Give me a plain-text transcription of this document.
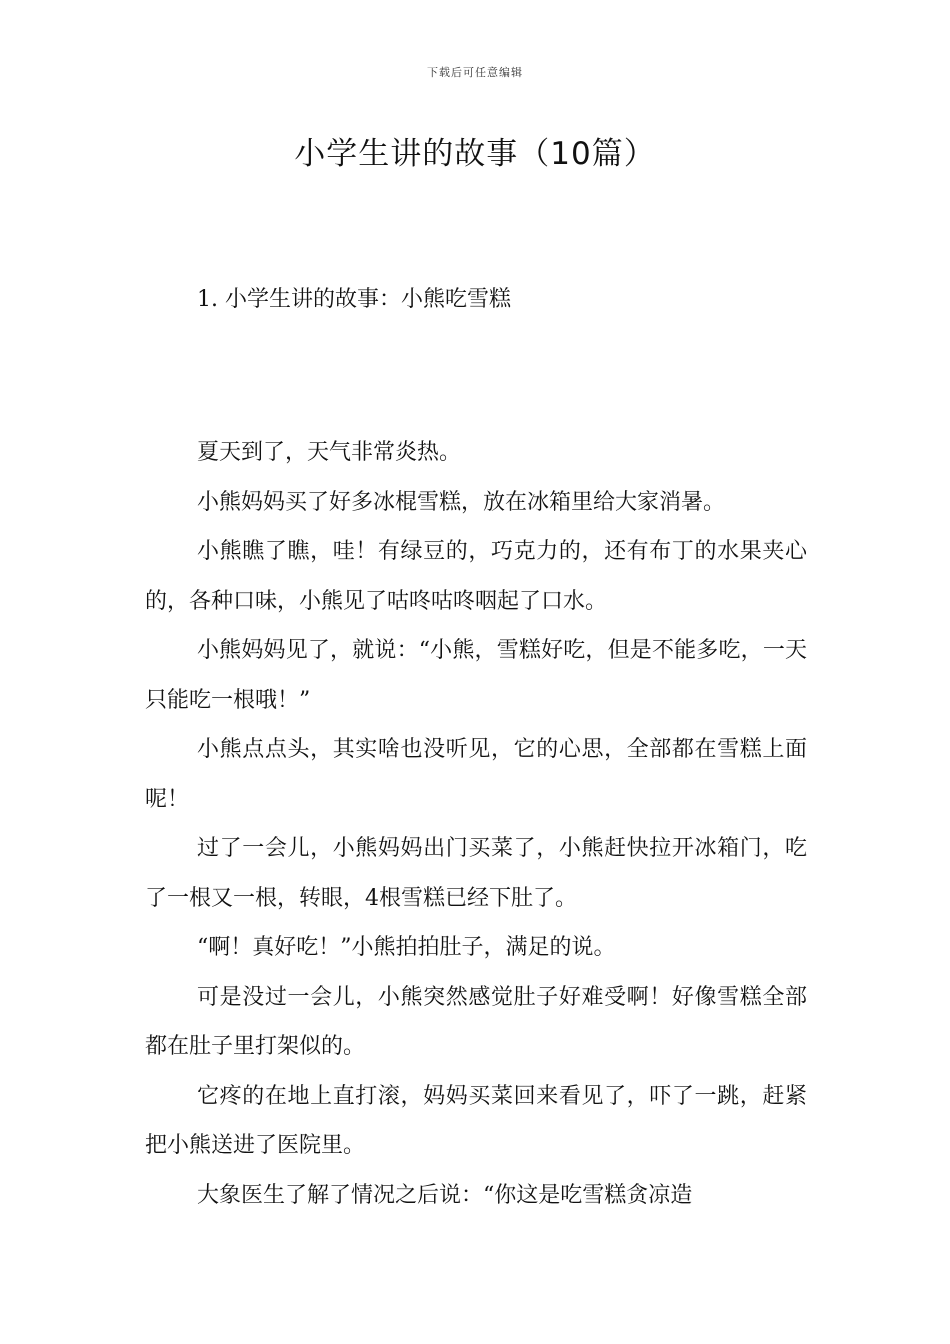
下载后可任意编辑
小学生讲的故事（10篇）
1. 小学生讲的故事：小熊吃雪糕

夏天到了，天气非常炎热。

小熊妈妈买了好多冰棍雪糕，放在冰箱里给大家消暑。

小熊瞧了瞧，哇！有绿豆的，巧克力的，还有布丁的水果夹心的，各种口味，小熊见了咕咚咕咚咽起了口水。

小熊妈妈见了，就说：“小熊，雪糕好吃，但是不能多吃，一天只能吃一根哦！”

小熊点点头，其实啥也没听见，它的心思，全部都在雪糕上面呢！

过了一会儿，小熊妈妈出门买菜了，小熊赶快拉开冰箱门，吃了一根又一根，转眼，4根雪糕已经下肚了。

“啊！真好吃！”小熊拍拍肚子，满足的说。

可是没过一会儿，小熊突然感觉肚子好难受啊！好像雪糕全部都在肚子里打架似的。

它疼的在地上直打滚，妈妈买菜回来看见了，吓了一跳，赶紧把小熊送进了医院里。

大象医生了解了情况之后说：“你这是吃雪糕贪凉造
